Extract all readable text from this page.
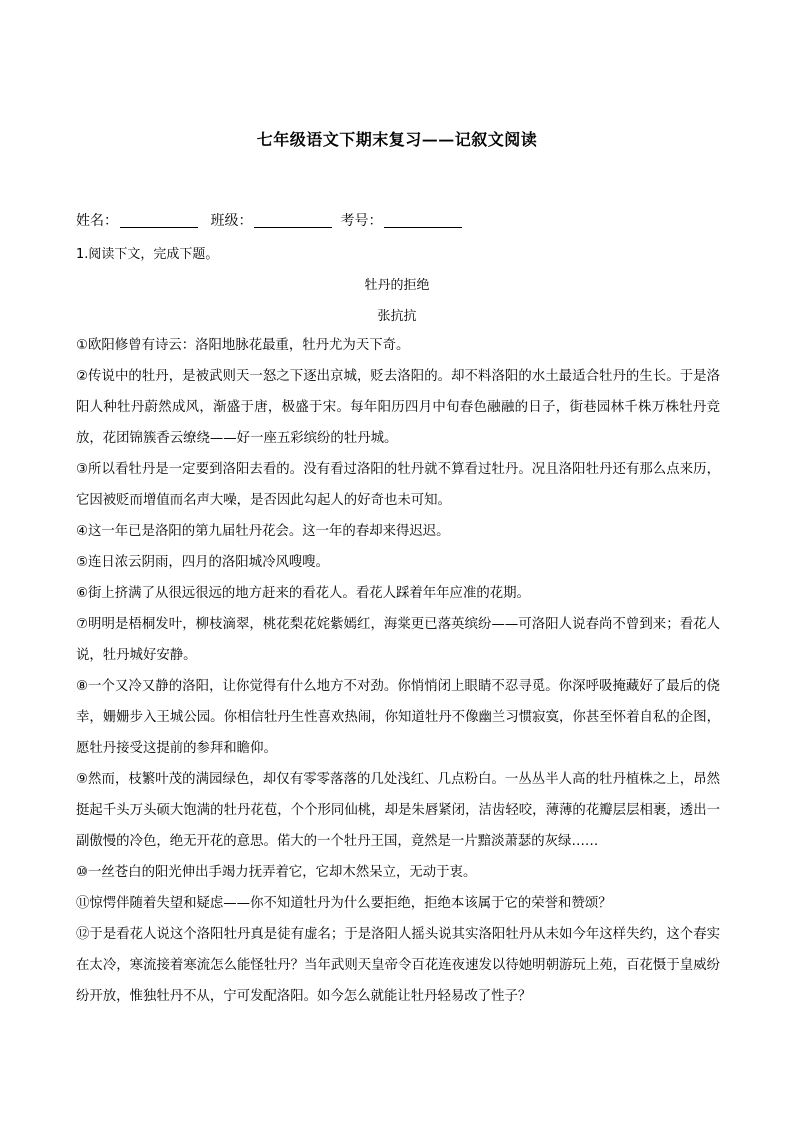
七年级语文下期末复习——记叙文阅读
姓名：	班级：	考号：
1.阅读下文，完成下题。
牡丹的拒绝
张抗抗

①欧阳修曾有诗云：洛阳地脉花最重，牡丹尤为天下奇。

②传说中的牡丹，是被武则天一怒之下逐出京城，贬去洛阳的。却不料洛阳的水土最适合牡丹的生长。于是洛阳人种牡丹蔚然成风，渐盛于唐，极盛于宋。每年阳历四月中旬春色融融的日子，街巷园林千株万株牡丹竞放，花团锦簇香云缭绕——好一座五彩缤纷的牡丹城。

③所以看牡丹是一定要到洛阳去看的。没有看过洛阳的牡丹就不算看过牡丹。况且洛阳牡丹还有那么点来历，它因被贬而增值而名声大噪，是否因此勾起人的好奇也未可知。

④这一年已是洛阳的第九届牡丹花会。这一年的春却来得迟迟。

⑤连日浓云阴雨，四月的洛阳城冷风嗖嗖。

⑥街上挤满了从很远很远的地方赶来的看花人。看花人踩着年年应准的花期。

⑦明明是梧桐发叶，柳枝滴翠，桃花梨花姹紫嫣红，海棠更已落英缤纷——可洛阳人说春尚不曾到来；看花人说，牡丹城好安静。

⑧一个又冷又静的洛阳，让你觉得有什么地方不对劲。你悄悄闭上眼睛不忍寻觅。你深呼吸掩藏好了最后的侥幸，姗姗步入王城公园。你相信牡丹生性喜欢热闹，你知道牡丹不像幽兰习惯寂寞，你甚至怀着自私的企图，愿牡丹接受这提前的参拜和瞻仰。

⑨然而，枝繁叶茂的满园绿色，却仅有零零落落的几处浅红、几点粉白。一丛丛半人高的牡丹植株之上，昂然挺起千头万头硕大饱满的牡丹花苞，个个形同仙桃，却是朱唇紧闭，洁齿轻咬，薄薄的花瓣层层相裹，透出一副傲慢的冷色，绝无开花的意思。偌大的一个牡丹王国，竟然是一片黯淡萧瑟的灰绿……

⑩一丝苍白的阳光伸出手竭力抚弄着它，它却木然呆立，无动于衷。

⑪惊愕伴随着失望和疑虑——你不知道牡丹为什么要拒绝，拒绝本该属于它的荣誉和赞颂？

⑫于是看花人说这个洛阳牡丹真是徒有虚名；于是洛阳人摇头说其实洛阳牡丹从未如今年这样失约，这个春实在太冷，寒流接着寒流怎么能怪牡丹？当年武则天皇帝令百花连夜速发以待她明朝游玩上苑，百花慑于皇威纷纷开放，惟独牡丹不从，宁可发配洛阳。如今怎么就能让牡丹轻易改了性子？
